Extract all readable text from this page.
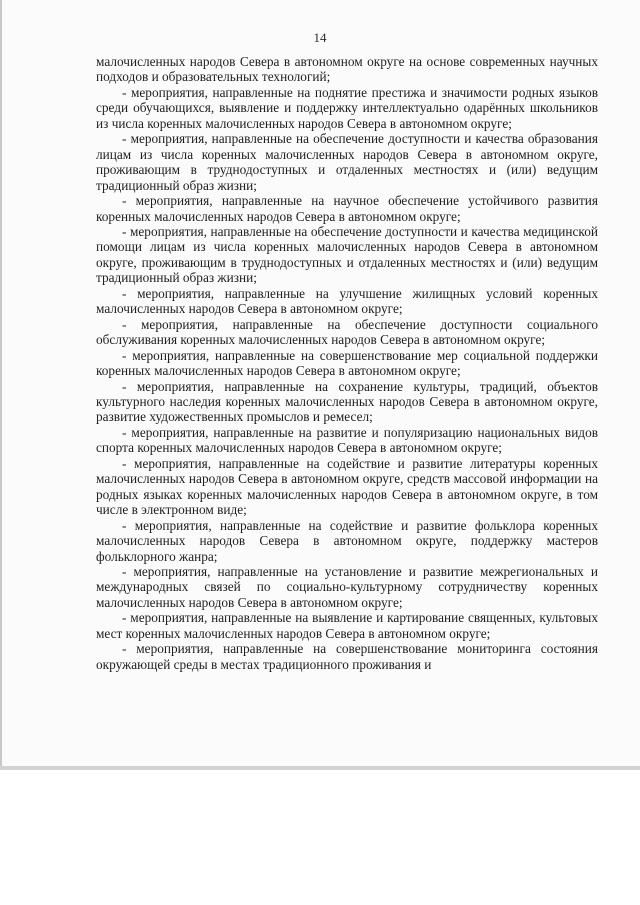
14

малочисленных народов Севера в автономном округе на основе современных научных подходов и образовательных технологий;

- мероприятия, направленные на поднятие престижа и значимости родных языков среди обучающихся, выявление и поддержку интеллектуально одарённых школьников из числа коренных малочисленных народов Севера в автономном округе;

- мероприятия, направленные на обеспечение доступности и качества образования лицам из числа коренных малочисленных народов Севера в автономном округе, проживающим в труднодоступных и отдаленных местностях и (или) ведущим традиционный образ жизни;

- мероприятия, направленные на научное обеспечение устойчивого развития коренных малочисленных народов Севера в автономном округе;

- мероприятия, направленные на обеспечение доступности и качества медицинской помощи лицам из числа коренных малочисленных народов Севера в автономном округе, проживающим в труднодоступных и отдаленных местностях и (или) ведущим традиционный образ жизни;

- мероприятия, направленные на улучшение жилищных условий коренных малочисленных народов Севера в автономном округе;

- мероприятия, направленные на обеспечение доступности социального обслуживания коренных малочисленных народов Севера в автономном округе;

- мероприятия, направленные на совершенствование мер социальной поддержки коренных малочисленных народов Севера в автономном округе;

- мероприятия, направленные на сохранение культуры, традиций, объектов культурного наследия коренных малочисленных народов Севера в автономном округе, развитие художественных промыслов и ремесел;

- мероприятия, направленные на развитие и популяризацию национальных видов спорта коренных малочисленных народов Севера в автономном округе;

- мероприятия, направленные на содействие и развитие литературы коренных малочисленных народов Севера в автономном округе, средств массовой информации на родных языках коренных малочисленных народов Севера в автономном округе, в том числе в электронном виде;

- мероприятия, направленные на содействие и развитие фольклора коренных малочисленных народов Севера в автономном округе, поддержку мастеров фольклорного жанра;

- мероприятия, направленные на установление и развитие межрегиональных и международных связей по социально-культурному сотрудничеству коренных малочисленных народов Севера в автономном округе;

- мероприятия, направленные на выявление и картирование священных, культовых мест коренных малочисленных народов Севера в автономном округе;

- мероприятия, направленные на совершенствование мониторинга состояния окружающей среды в местах традиционного проживания и
